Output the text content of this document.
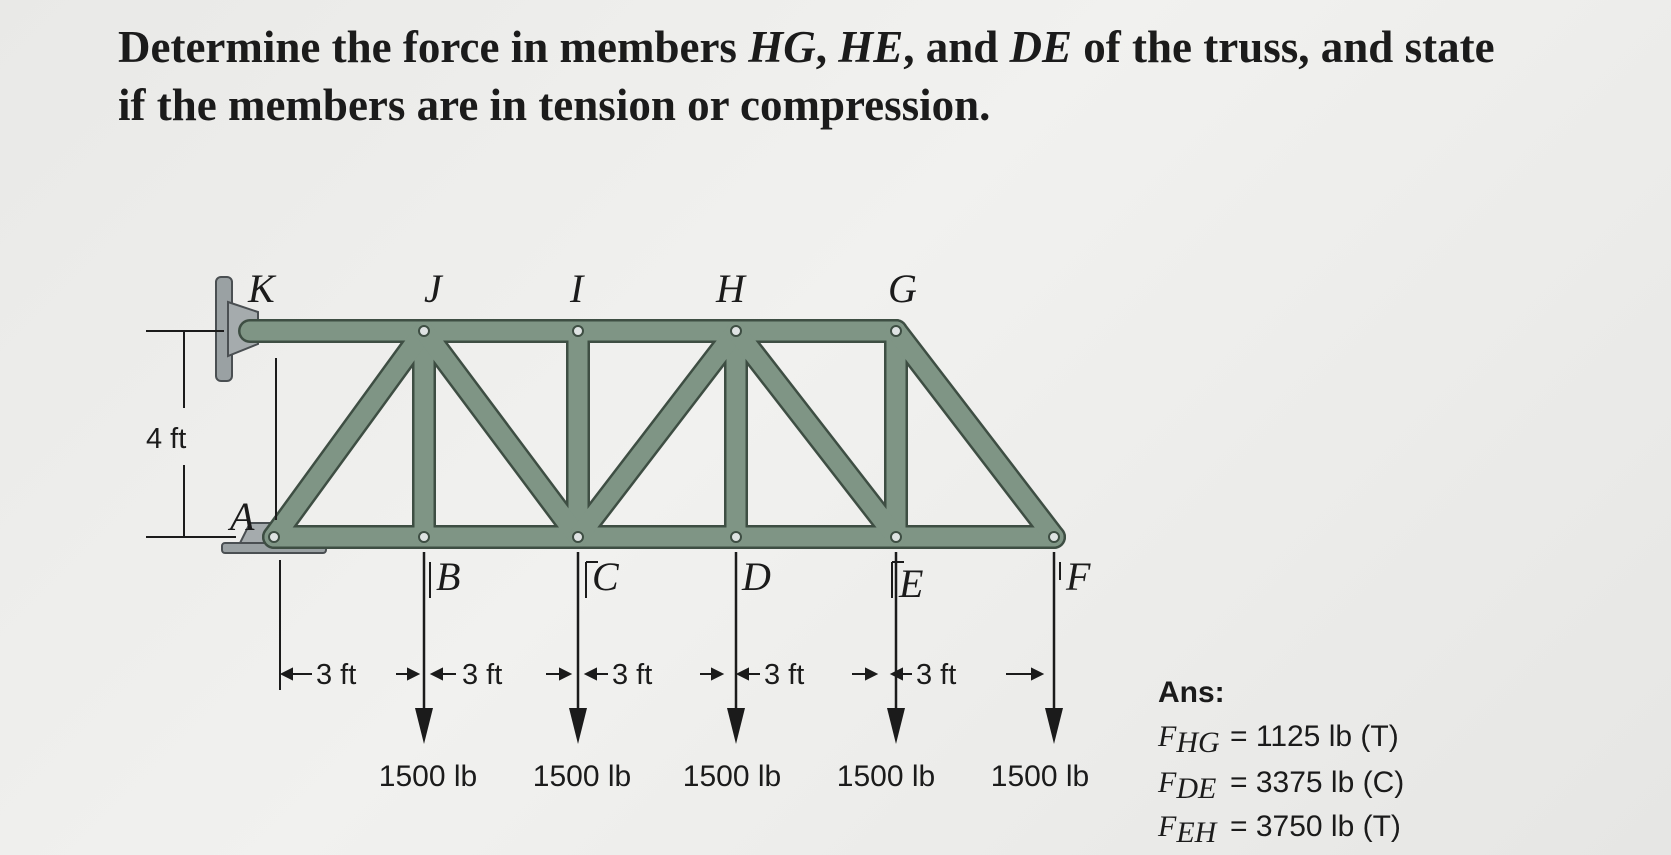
Determine the force in members HG, HE, and DE of the truss, and state if the members are in tension or compression.

K	J	I	H	G
A
B	C	D	E	F
4 ft
3 ft	3 ft	3 ft	3 ft	3 ft
1500 lb 1500 lb 1500 lb 1500 lb 1500 lb
Ans:
FHG = 1125 lb (T)
FDE = 3375 lb (C)
FEH = 3750 lb (T)
